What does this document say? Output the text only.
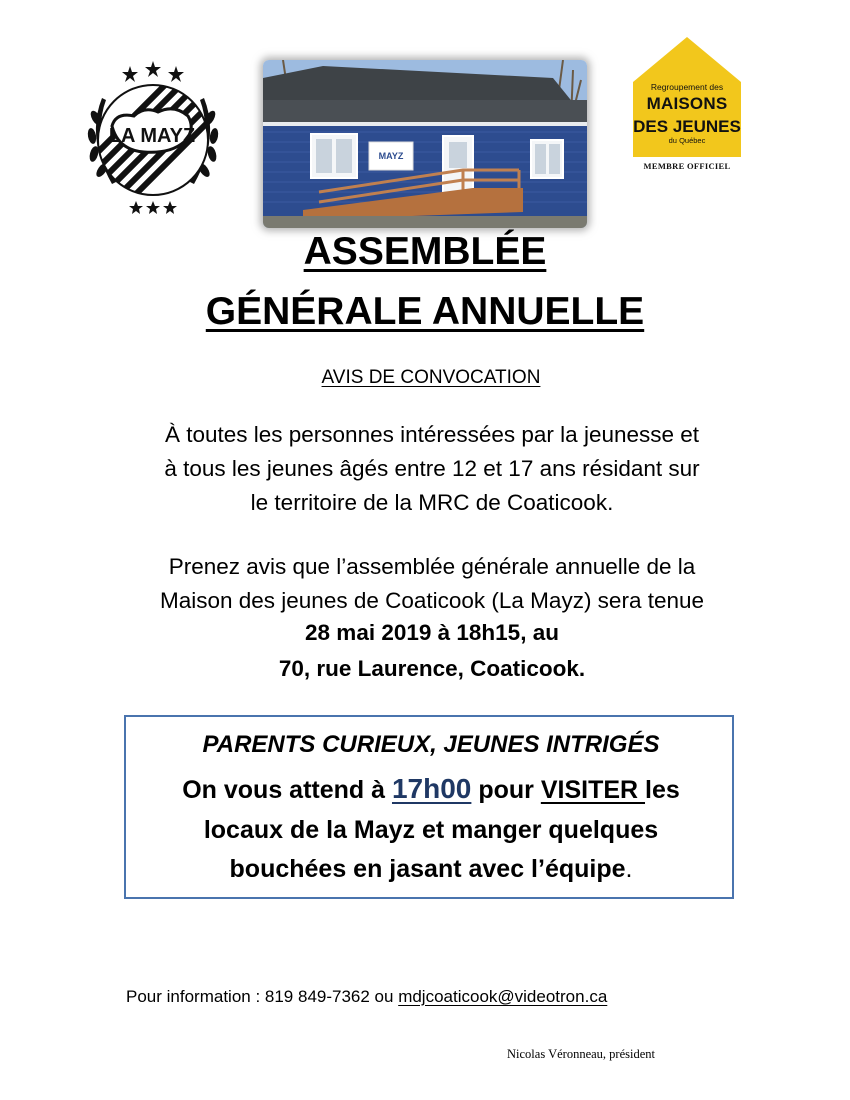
LA MAYZ
MAYZ
Regroupement des
MAISONS
DES JEUNES
du Québec
MEMBRE OFFICIEL
ASSEMBLÉE
GÉNÉRALE ANNUELLE
AVIS DE CONVOCATION
À toutes les personnes intéressées par la jeunesse et
à tous les jeunes âgés entre 12 et 17 ans résidant sur
le territoire de la MRC de Coaticook.
Prenez avis que l’assemblée générale annuelle de la
Maison des jeunes de Coaticook (La Mayz) sera tenue
28 mai 2019 à 18h15, au
70, rue Laurence, Coaticook.
PARENTS CURIEUX, JEUNES INTRIGÉS
On vous attend à 17h00 pour VISITER les
locaux de la Mayz et manger quelques
bouchées en jasant avec l’équipe.
Pour information : 819 849-7362 ou mdjcoaticook@videotron.ca
Nicolas Véronneau, président
